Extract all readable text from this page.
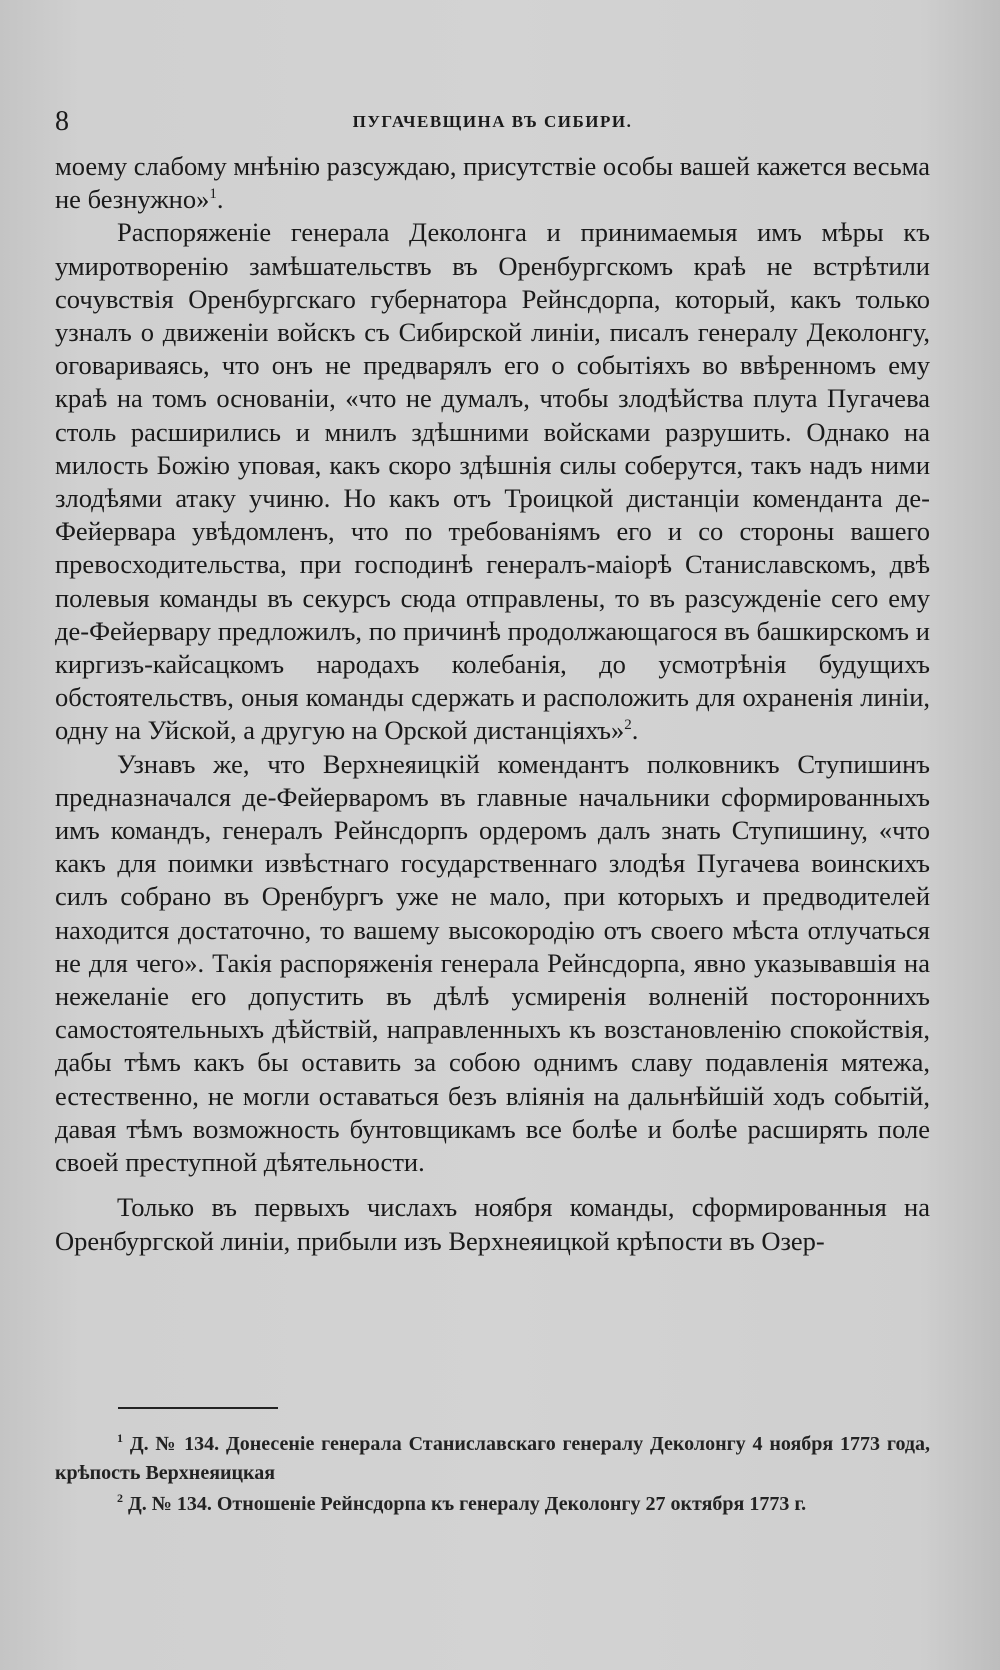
8	ПУГАЧЕВЩИНА ВЪ СИБИРИ.

моему слабому мнѣнію разсуждаю, присутствіе особы вашей кажется весьма не безнужно»$^1$.

Распоряженіе генерала Деколонга и принимаемыя имъ мѣры къ умиротворенію замѣшательствъ въ Оренбургскомъ краѣ не встрѣтили сочувствія Оренбургскаго губернатора Рейнсдорпа, который, какъ только узналъ о движеніи войскъ съ Сибирской линіи, писалъ генералу Деколонгу, оговариваясь, что онъ не предварялъ его о событіяхъ во ввѣренномъ ему краѣ на томъ основаніи, «что не думалъ, чтобы злодѣйства плута Пугачева столь расширились и мнилъ здѣшними войсками разрушить. Однако на милость Божію уповая, какъ скоро здѣшнія силы соберутся, такъ надъ ними злодѣями атаку учиню. Но какъ отъ Троицкой дистанціи коменданта де-Фейервара увѣдомленъ, что по требованіямъ его и со стороны вашего превосходительства, при господинѣ генералъ-маіорѣ Станиславскомъ, двѣ полевыя команды въ секурсъ сюда отправлены, то въ разсужденіе сего ему де-Фейервару предложилъ, по причинѣ продолжающагося въ башкирскомъ и киргизъ-кайсацкомъ народахъ колебанія, до усмотрѣнія будущихъ обстоятельствъ, оныя команды сдержать и расположить для охраненія линіи, одну на Уйской, а другую на Орской дистанціяхъ»$^2$.

Узнавъ же, что Верхнеяицкій комендантъ полковникъ Ступишинъ предназначался де-Фейерваромъ въ главные начальники сформированныхъ имъ командъ, генералъ Рейнсдорпъ ордеромъ далъ знать Ступишину, «что какъ для поимки извѣстнаго государственнаго злодѣя Пугачева воинскихъ силъ собрано въ Оренбургъ уже не мало, при которыхъ и предводителей находится достаточно, то вашему высокородію отъ своего мѣста отлучаться не для чего». Такія распоряженія генерала Рейнсдорпа, явно указывавшія на нежеланіе его допустить въ дѣлѣ усмиренія волненій постороннихъ самостоятельныхъ дѣйствій, направленныхъ къ возстановленію спокойствія, дабы тѣмъ какъ бы оставить за собою однимъ славу подавленія мятежа, естественно, не могли оставаться безъ вліянія на дальнѣйшій ходъ событій, давая тѣмъ возможность бунтовщикамъ все болѣе и болѣе расширять поле своей преступной дѣятельности.

Только въ первыхъ числахъ ноября команды, сформированныя на Оренбургской линіи, прибыли изъ Верхнеяицкой крѣпости въ Озер-

$^1$ Д. № 134. Донесеніе генерала Станиславскаго генералу Деколонгу 4 ноября 1773 года, крѣпость Верхнеяицкая

$^2$ Д. № 134. Отношеніе Рейнсдорпа къ генералу Деколонгу 27 октября 1773 г.
